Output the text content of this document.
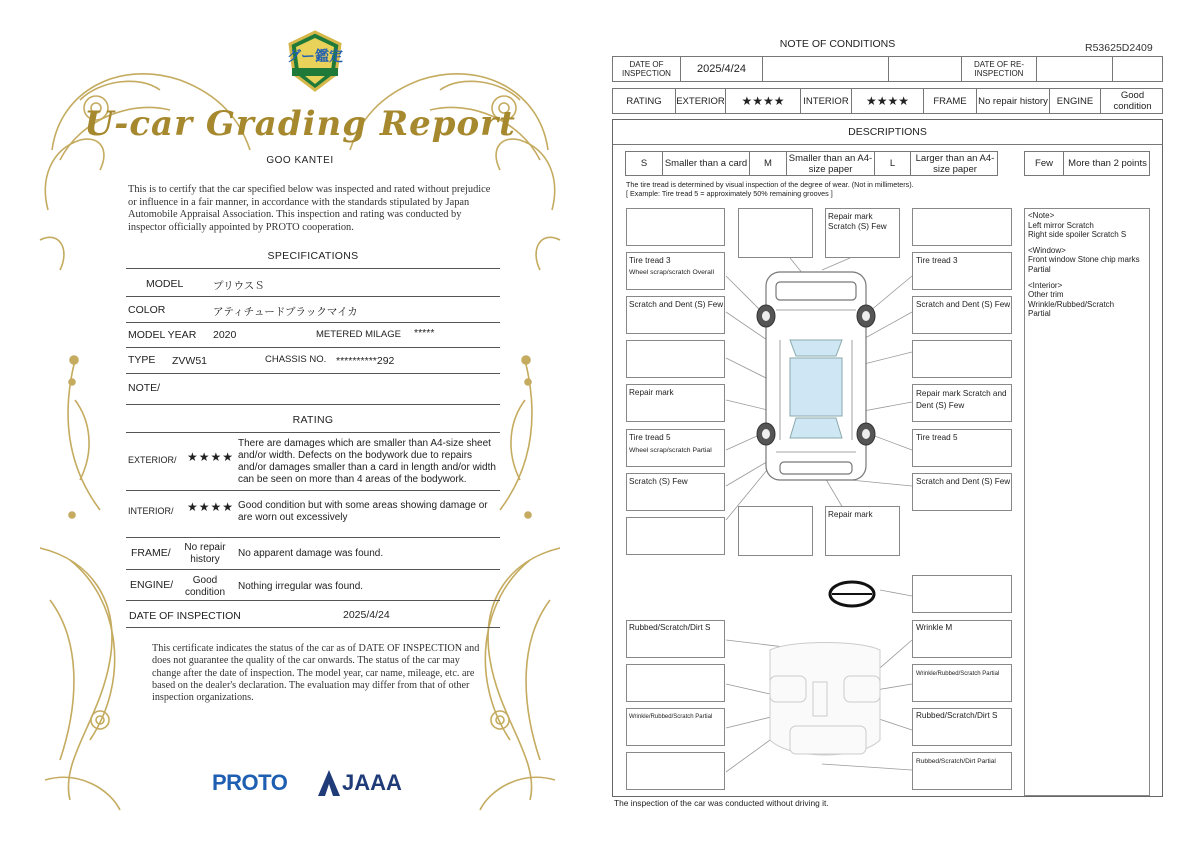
グー鑑定
U-car Grading Report
GOO KANTEI
This is to certify that the car specified below was inspected and rated without prejudice or influence in a fair manner, in accordance with the standards stipulated by Japan Automobile Appraisal Association. This inspection and rating was conducted by inspector officially appointed by PROTO cooperation.
SPECIFICATIONS
MODEL	プリウスＳ
COLOR	アティチュードブラックマイカ
MODEL YEAR 2020	METERED MILAGE *****
TYPE ZVW51	CHASSIS NO. **********292
NOTE/
RATING
EXTERIOR/ ★★★★
There are damages which are smaller than A4-size sheet and/or width. Defects on the bodywork due to repairs and/or damages smaller than a card in length and/or width can be seen on more than 4 areas of the bodywork.
INTERIOR/ ★★★★ Good condition but with some areas showing damage or are worn out excessively
FRAME/	No repair history	No apparent damage was found.
ENGINE/	Good condition	Nothing irregular was found.
DATE OF INSPECTION	2025/4/24
This certificate indicates the status of the car as of DATE OF INSPECTION and does not guarantee the quality of the car onwards. The status of the car may change after the date of inspection. The model year, car name, mileage, etc. are based on the dealer's declaration. The evaluation may differ from that of other inspection organizations.
PROTO JAAA
NOTE OF CONDITIONS	R53625D2409
DATE OF INSPECTION	2025/4/24	DATE OF RE-INSPECTION
RATING	EXTERIOR	★★★★	INTERIOR	★★★★	FRAME	No repair history ENGINE	Good condition
DESCRIPTIONS
S	Smaller than a card	M	Smaller than an A4-size paper	L	Larger than an A4-size paper	Few	More than 2 points
The tire tread is determined by visual inspection of the degree of wear. (Not in millimeters).
[ Example: Tire tread 5 = approximately 50% remaining grooves ]
Repair mark Scratch (S) Few
Tire tread 3
Wheel scrap/scratch Overall
Tire tread 3
Scratch and Dent (S) Few	Scratch and Dent (S) Few
Repair mark	Repair mark Scratch and Dent (S) Few
Tire tread 5
Wheel scrap/scratch Partial
Tire tread 5
Scratch (S) Few	Scratch and Dent (S) Few
Repair mark
Rubbed/Scratch/Dirt S	Wrinkle M
Wrinkle/Rubbed/Scratch Partial
Wrinkle/Rubbed/Scratch Partial	Rubbed/Scratch/Dirt S
Rubbed/Scratch/Dirt Partial

<Note>

Left mirror Scratch

Right side spoiler Scratch S

<Window>

Front window Stone chip marks

Partial

<Interior>

Other trim

Wrinkle/Rubbed/Scratch

Partial

The inspection of the car was conducted without driving it.
